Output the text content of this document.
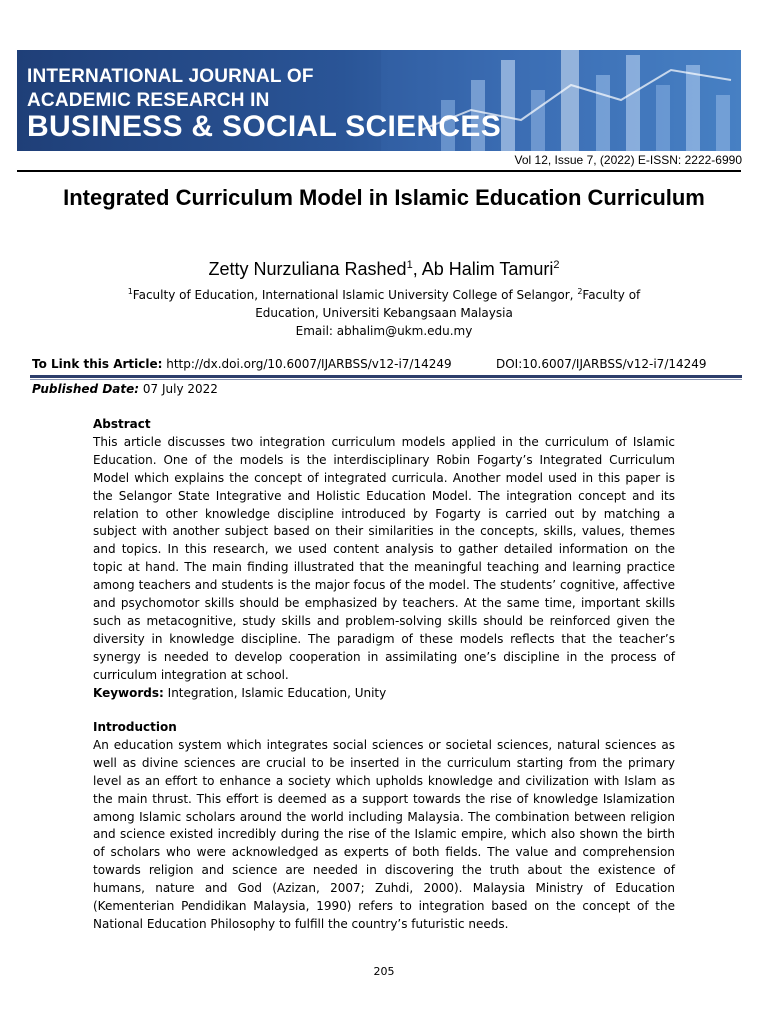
INTERNATIONAL JOURNAL OF
ACADEMIC RESEARCH IN
BUSINESS & SOCIAL SCIENCES
Vol 12, Issue 7, (2022) E-ISSN: 2222-6990
Integrated Curriculum Model in Islamic Education Curriculum
Zetty Nurzuliana Rashed$^1$, Ab Halim Tamuri$^2$
$^1$Faculty of Education, International Islamic University College of Selangor, $^2$Faculty of Education, Universiti Kebangsaan Malaysia
Email: abhalim@ukm.edu.my
To Link this Article: http://dx.doi.org/10.6007/IJARBSS/v12-i7/14249	DOI:10.6007/IJARBSS/v12-i7/14249
Published Date: 07 July 2022
Abstract
This article discusses two integration curriculum models applied in the curriculum of Islamic Education. One of the models is the interdisciplinary Robin Fogarty’s Integrated Curriculum Model which explains the concept of integrated curricula. Another model used in this paper is the Selangor State Integrative and Holistic Education Model. The integration concept and its relation to other knowledge discipline introduced by Fogarty is carried out by matching a subject with another subject based on their similarities in the concepts, skills, values, themes and topics. In this research, we used content analysis to gather detailed information on the topic at hand. The main finding illustrated that the meaningful teaching and learning practice among teachers and students is the major focus of the model. The students’ cognitive, affective and psychomotor skills should be emphasized by teachers. At the same time, important skills such as metacognitive, study skills and problem-solving skills should be reinforced given the diversity in knowledge discipline. The paradigm of these models reflects that the teacher’s synergy is needed to develop cooperation in assimilating one’s discipline in the process of curriculum integration at school.
Keywords: Integration, Islamic Education, Unity
Introduction
An education system which integrates social sciences or societal sciences, natural sciences as well as divine sciences are crucial to be inserted in the curriculum starting from the primary level as an effort to enhance a society which upholds knowledge and civilization with Islam as the main thrust. This effort is deemed as a support towards the rise of knowledge Islamization among Islamic scholars around the world including Malaysia. The combination between religion and science existed incredibly during the rise of the Islamic empire, which also shown the birth of scholars who were acknowledged as experts of both fields. The value and comprehension towards religion and science are needed in discovering the truth about the existence of humans, nature and God (Azizan, 2007; Zuhdi, 2000). Malaysia Ministry of Education (Kementerian Pendidikan Malaysia, 1990) refers to integration based on the concept of the National Education Philosophy to fulfill the country’s futuristic needs.
205
